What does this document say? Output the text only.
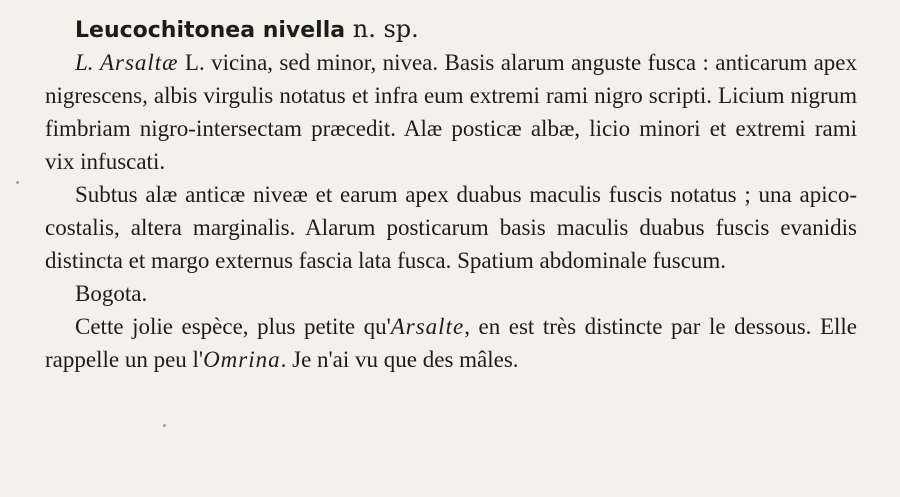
Leucochitonea nivella n. sp.

L. Arsaltæ L. vicina, sed minor, nivea. Basis alarum anguste fusca : anticarum apex nigrescens, albis virgulis notatus et infra eum extremi rami nigro scripti. Licium nigrum fimbriam nigro-intersectam præcedit. Alæ posticæ albæ, licio minori et extremi rami vix infuscati.

Subtus alæ anticæ niveæ et earum apex duabus maculis fuscis notatus ; una apico-costalis, altera marginalis. Alarum posticarum basis maculis duabus fuscis evanidis distincta et margo externus fascia lata fusca. Spatium abdominale fuscum.

Bogota.

Cette jolie espèce, plus petite qu'Arsalte, en est très distincte par le dessous. Elle rappelle un peu l'Omrina. Je n'ai vu que des mâles.
